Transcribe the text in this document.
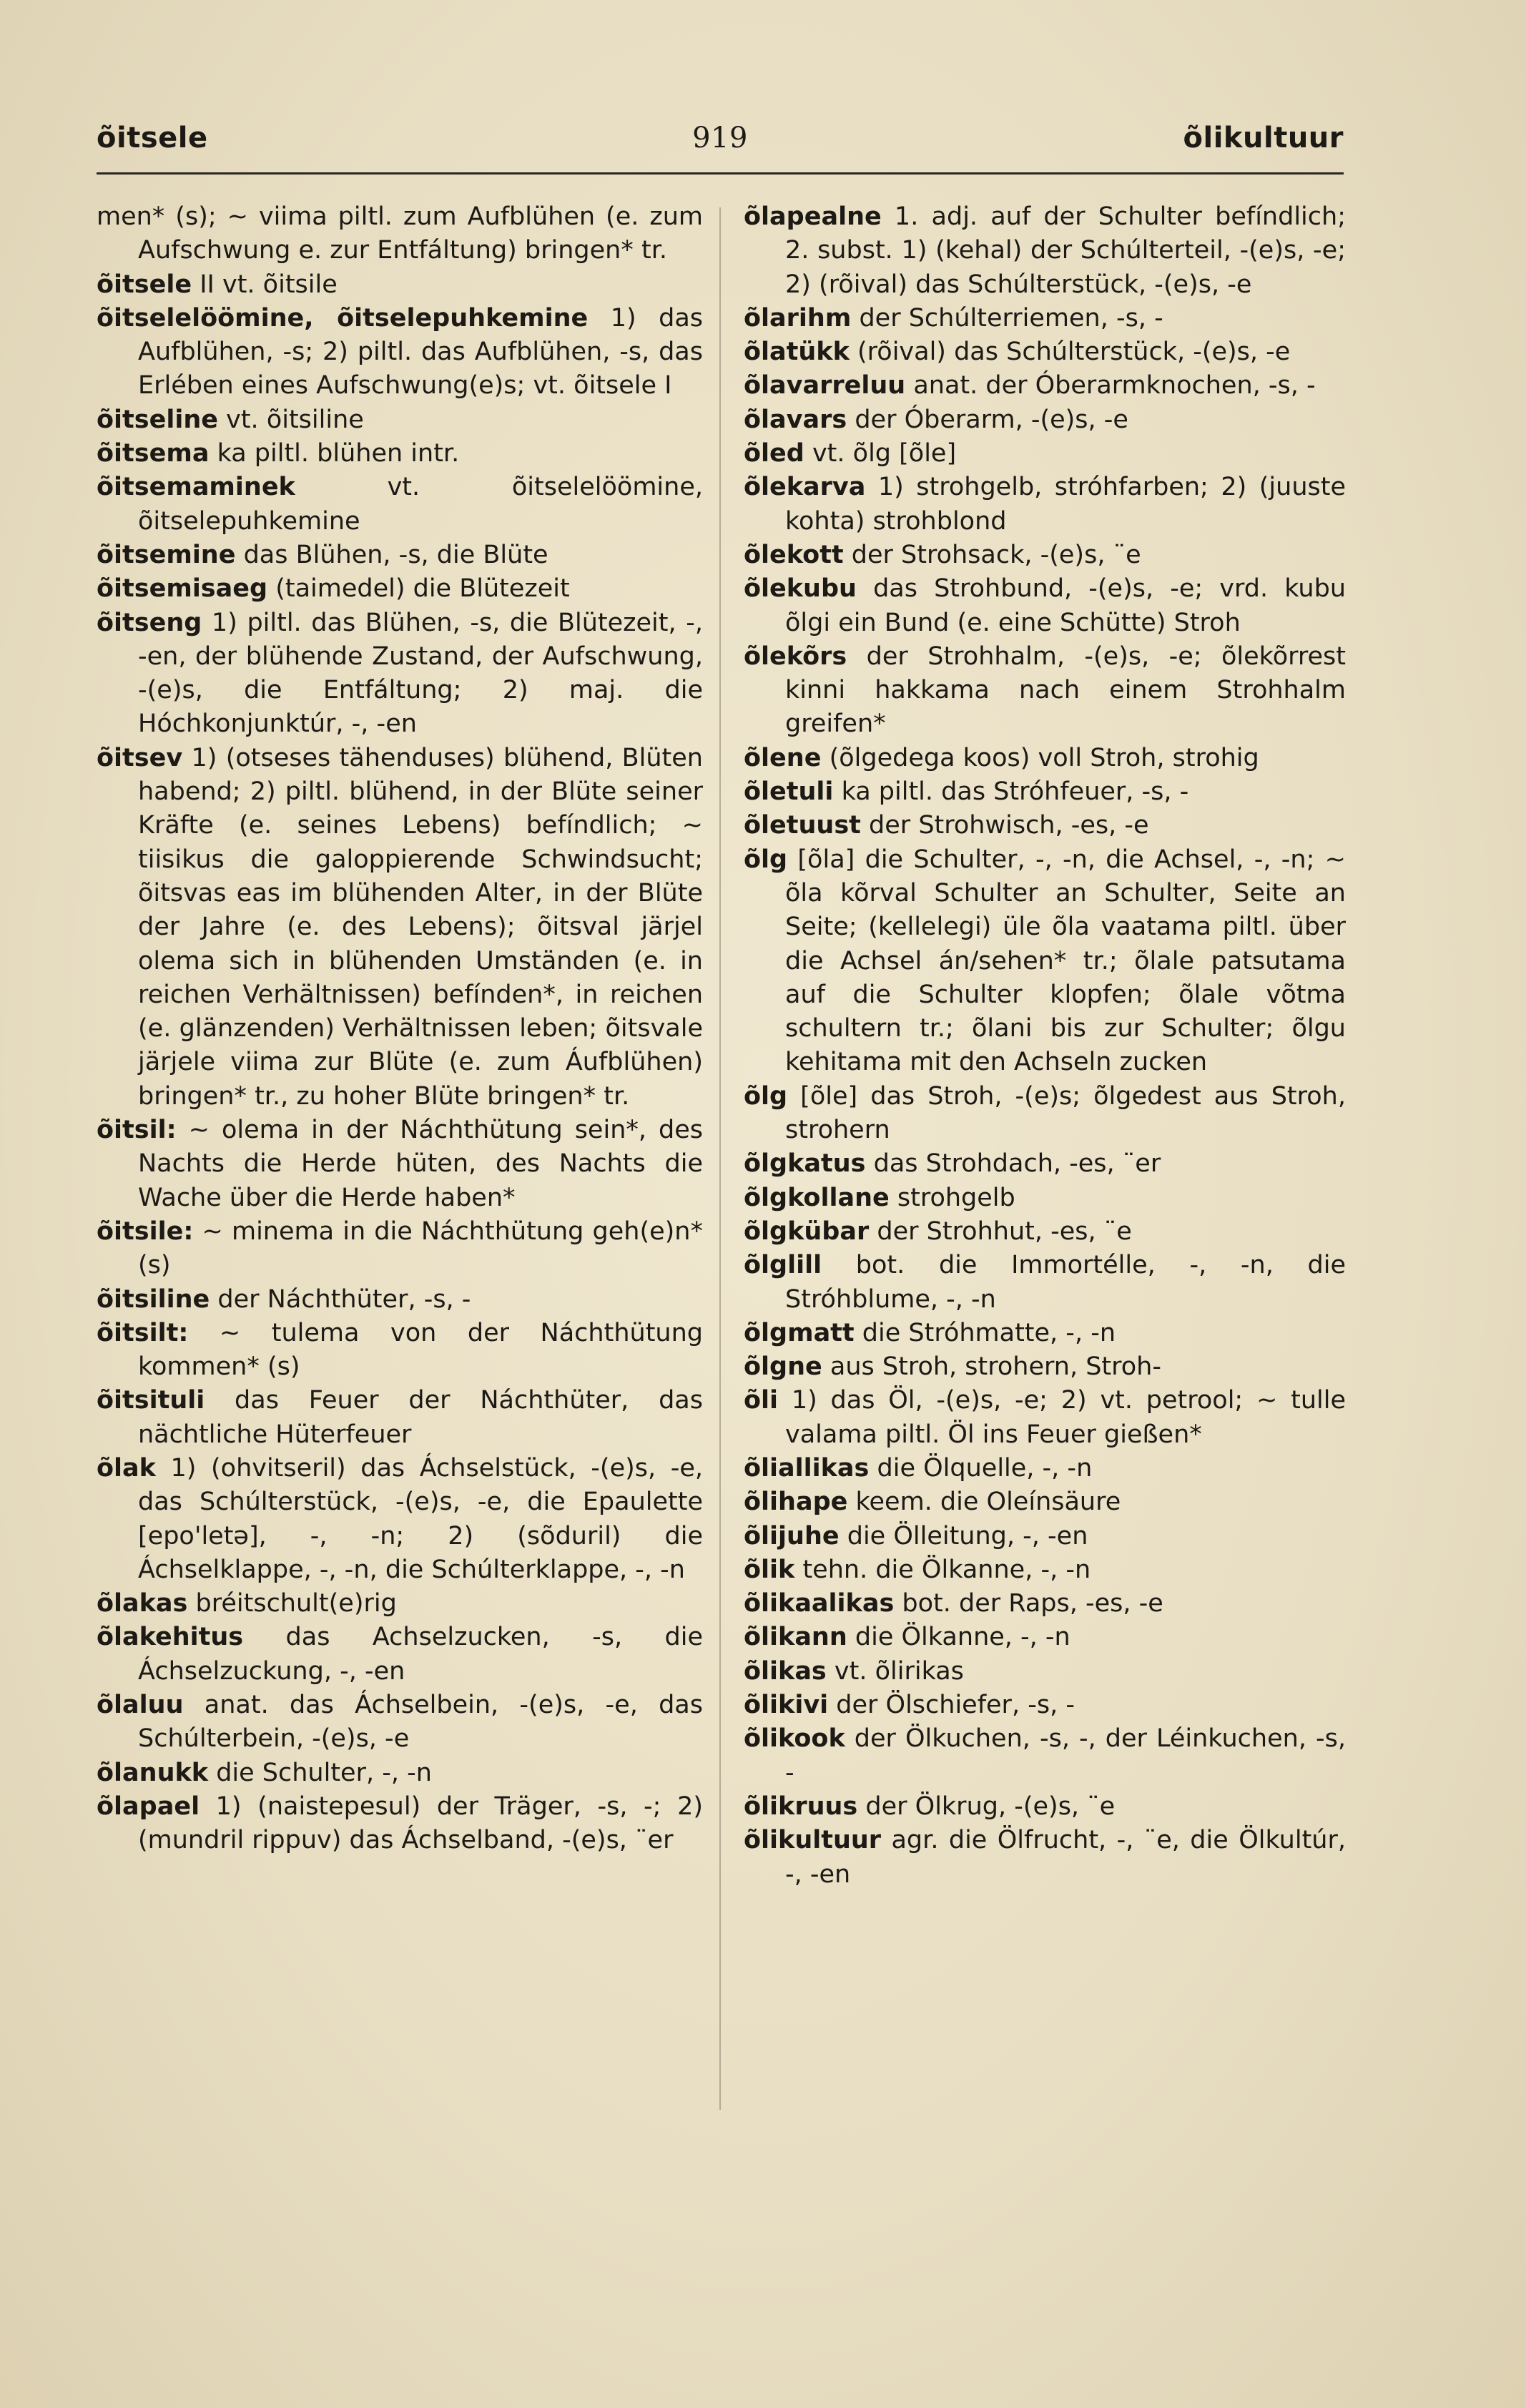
õitsele	919	õlikultuur

men* (s); ~ viima piltl. zum Aufblühen (e. zum Aufschwung e. zur Entfáltung) bringen* tr.

õitsele II vt. õitsile

õitselelöömine, õitselepuhkemine 1) das Aufblühen, -s; 2) piltl. das Aufblühen, -s, das Erlében eines Aufschwung(e)s; vt. õitsele I

õitseline vt. õitsiline

õitsema ka piltl. blühen intr.

õitsemaminek vt. õitselelöömine, õitselepuhkemine

õitsemine das Blühen, -s, die Blüte

õitsemisaeg (taimedel) die Blütezeit

õitseng 1) piltl. das Blühen, -s, die Blütezeit, -, -en, der blühende Zustand, der Aufschwung, -(e)s, die Entfáltung; 2) maj. die Hóchkonjunktúr, -, -en

õitsev 1) (otseses tähenduses) blühend, Blüten habend; 2) piltl. blühend, in der Blüte seiner Kräfte (e. seines Lebens) befíndlich; ~ tiisikus die galoppierende Schwindsucht; õitsvas eas im blühenden Alter, in der Blüte der Jahre (e. des Lebens); õitsval järjel olema sich in blühenden Umständen (e. in reichen Verhältnissen) befínden*, in reichen (e. glänzenden) Verhältnissen leben; õitsvale järjele viima zur Blüte (e. zum Áufblühen) bringen* tr., zu hoher Blüte bringen* tr.

õitsil: ~ olema in der Náchthütung sein*, des Nachts die Herde hüten, des Nachts die Wache über die Herde haben*

õitsile: ~ minema in die Náchthütung geh(e)n* (s)

õitsiline der Náchthüter, -s, -

õitsilt: ~ tulema von der Náchthütung kommen* (s)

õitsituli das Feuer der Náchthüter, das nächtliche Hüterfeuer

õlak 1) (ohvitseril) das Áchselstück, -(e)s, -e, das Schúlterstück, -(e)s, -e, die Epaulette [epo'letə], -, -n; 2) (sõduril) die Áchselklappe, -, -n, die Schúlterklappe, -, -n

õlakas bréitschult(e)rig

õlakehitus das Achselzucken, -s, die Áchselzuckung, -, -en

õlaluu anat. das Áchselbein, -(e)s, -e, das Schúlterbein, -(e)s, -e

õlanukk die Schulter, -, -n

õlapael 1) (naistepesul) der Träger, -s, -; 2) (mundril rippuv) das Áchselband, -(e)s, ¨er

õlapealne 1. adj. auf der Schulter befíndlich; 2. subst. 1) (kehal) der Schúlterteil, -(e)s, -e; 2) (rõival) das Schúlterstück, -(e)s, -e

õlarihm der Schúlterriemen, -s, -

õlatükk (rõival) das Schúlterstück, -(e)s, -e

õlavarreluu anat. der Óberarmknochen, -s, -

õlavars der Óberarm, -(e)s, -e

õled vt. õlg [õle]

õlekarva 1) strohgelb, stróhfarben; 2) (juuste kohta) strohblond

õlekott der Strohsack, -(e)s, ¨e

õlekubu das Strohbund, -(e)s, -e; vrd. kubu õlgi ein Bund (e. eine Schütte) Stroh

õlekõrs der Strohhalm, -(e)s, -e; õlekõrrest kinni hakkama nach einem Strohhalm greifen*

õlene (õlgedega koos) voll Stroh, strohig

õletuli ka piltl. das Stróhfeuer, -s, -

õletuust der Strohwisch, -es, -e

õlg [õla] die Schulter, -, -n, die Achsel, -, -n; ~ õla kõrval Schulter an Schulter, Seite an Seite; (kellelegi) üle õla vaatama piltl. über die Achsel án/sehen* tr.; õlale patsutama auf die Schulter klopfen; õlale võtma schultern tr.; õlani bis zur Schulter; õlgu kehitama mit den Achseln zucken

õlg [õle] das Stroh, -(e)s; õlgedest aus Stroh, strohern

õlgkatus das Strohdach, -es, ¨er

õlgkollane strohgelb

õlgkübar der Strohhut, -es, ¨e

õlglill bot. die Immortélle, -, -n, die Stróhblume, -, -n

õlgmatt die Stróhmatte, -, -n

õlgne aus Stroh, strohern, Stroh-

õli 1) das Öl, -(e)s, -e; 2) vt. petrool; ~ tulle valama piltl. Öl ins Feuer gießen*

õliallikas die Ölquelle, -, -n

õlihape keem. die Oleínsäure

õlijuhe die Ölleitung, -, -en

õlik tehn. die Ölkanne, -, -n

õlikaalikas bot. der Raps, -es, -e

õlikann die Ölkanne, -, -n

õlikas vt. õlirikas

õlikivi der Ölschiefer, -s, -

õlikook der Ölkuchen, -s, -, der Léinkuchen, -s, -

õlikruus der Ölkrug, -(e)s, ¨e

õlikultuur agr. die Ölfrucht, -, ¨e, die Ölkultúr, -, -en
